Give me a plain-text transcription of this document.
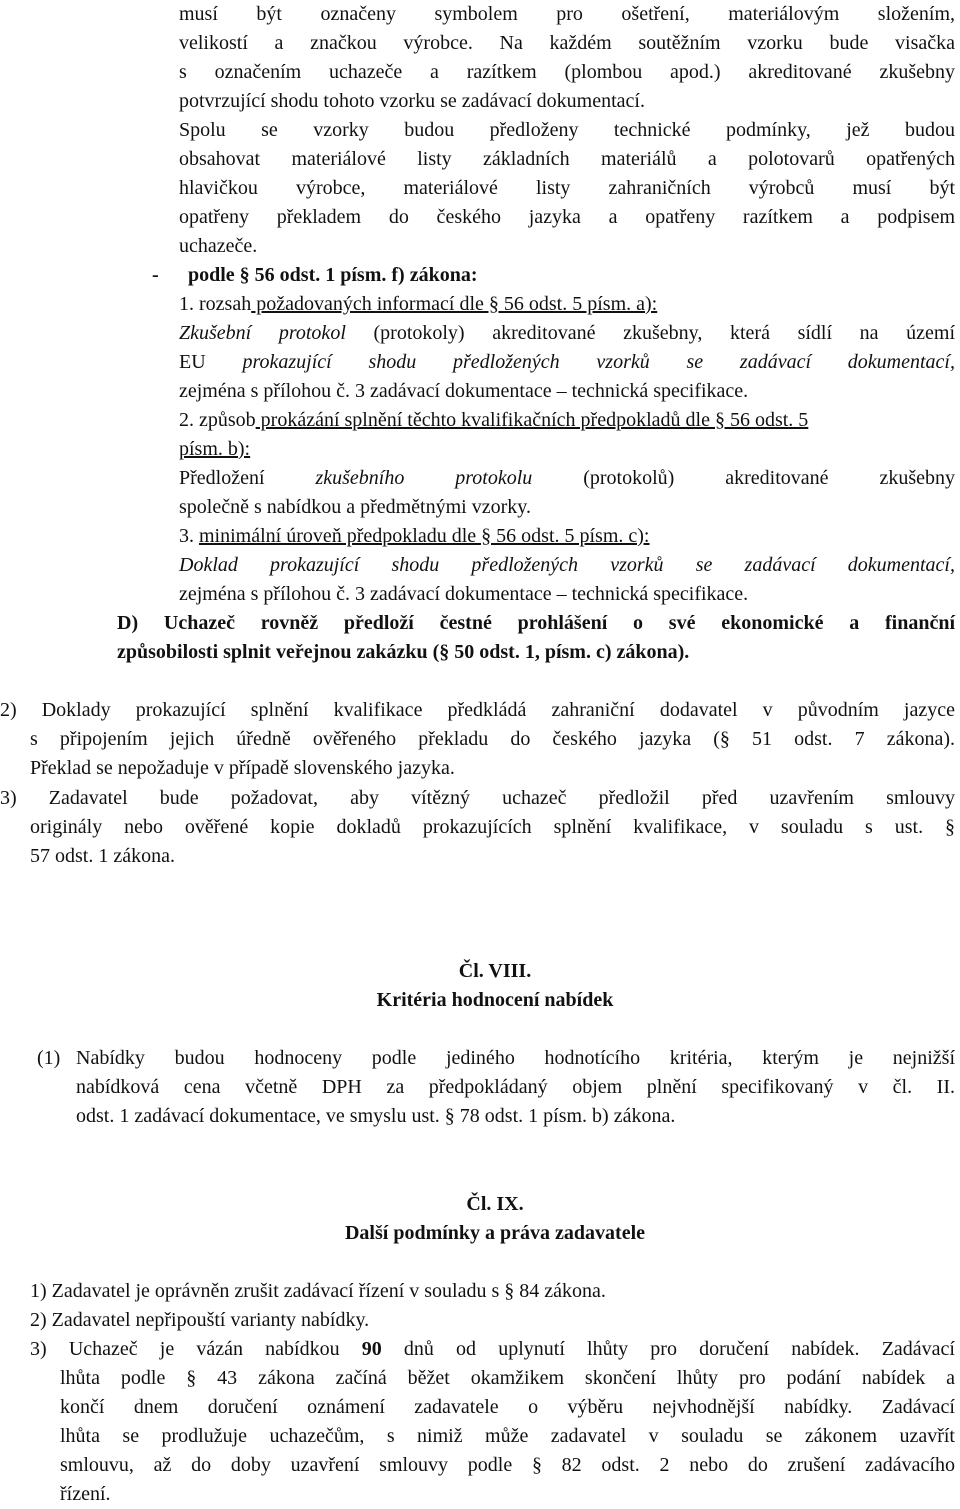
musí být označeny symbolem pro ošetření, materiálovým složením,
velikostí a značkou výrobce. Na každém soutěžním vzorku bude visačka
s označením uchazeče a razítkem (plombou apod.) akreditované zkušebny
potvrzující shodu tohoto vzorku se zadávací dokumentací.
Spolu se vzorky budou předloženy technické podmínky, jež budou
obsahovat materiálové listy základních materiálů a polotovarů opatřených
hlavičkou výrobce, materiálové listy zahraničních výrobců musí být
opatřeny překladem do českého jazyka a opatřeny razítkem a podpisem
uchazeče.
- podle § 56 odst. 1 písm. f) zákona:
1. rozsah požadovaných informací dle § 56 odst. 5 písm. a):
Zkušební protokol (protokoly) akreditované zkušebny, která sídlí na území
EU prokazující shodu předložených vzorků se zadávací dokumentací,
zejména s přílohou č. 3 zadávací dokumentace – technická specifikace.
2. způsob prokázání splnění těchto kvalifikačních předpokladů dle § 56 odst. 5
písm. b):
Předložení zkušebního protokolu (protokolů) akreditované zkušebny
společně s nabídkou a předmětnými vzorky.
3. minimální úroveň předpokladu dle § 56 odst. 5 písm. c):
Doklad prokazující shodu předložených vzorků se zadávací dokumentací,
zejména s přílohou č. 3 zadávací dokumentace – technická specifikace.
D) Uchazeč rovněž předloží čestné prohlášení o své ekonomické a finanční
způsobilosti splnit veřejnou zakázku (§ 50 odst. 1, písm. c) zákona).
2) Doklady prokazující splnění kvalifikace předkládá zahraniční dodavatel v původním jazyce
s připojením jejich úředně ověřeného překladu do českého jazyka (§ 51 odst. 7 zákona).
Překlad se nepožaduje v případě slovenského jazyka.
3) Zadavatel bude požadovat, aby vítězný uchazeč předložil před uzavřením smlouvy
originály nebo ověřené kopie dokladů prokazujících splnění kvalifikace, v souladu s ust. §
57 odst. 1 zákona.
Čl. VIII.
Kritéria hodnocení nabídek
(1) Nabídky budou hodnoceny podle jediného hodnotícího kritéria, kterým je nejnižší
nabídková cena včetně DPH za předpokládaný objem plnění specifikovaný v čl. II.
odst. 1 zadávací dokumentace, ve smyslu ust. § 78 odst. 1 písm. b) zákona.
Čl. IX.
Další podmínky a práva zadavatele
1) Zadavatel je oprávněn zrušit zadávací řízení v souladu s § 84 zákona.
2) Zadavatel nepřipouští varianty nabídky.
3) Uchazeč je vázán nabídkou 90 dnů od uplynutí lhůty pro doručení nabídek. Zadávací
lhůta podle § 43 zákona začíná běžet okamžikem skončení lhůty pro podání nabídek a
končí dnem doručení oznámení zadavatele o výběru nejvhodnější nabídky. Zadávací
lhůta se prodlužuje uchazečům, s nimiž může zadavatel v souladu se zákonem uzavřít
smlouvu, až do doby uzavření smlouvy podle § 82 odst. 2 nebo do zrušení zadávacího
řízení.
